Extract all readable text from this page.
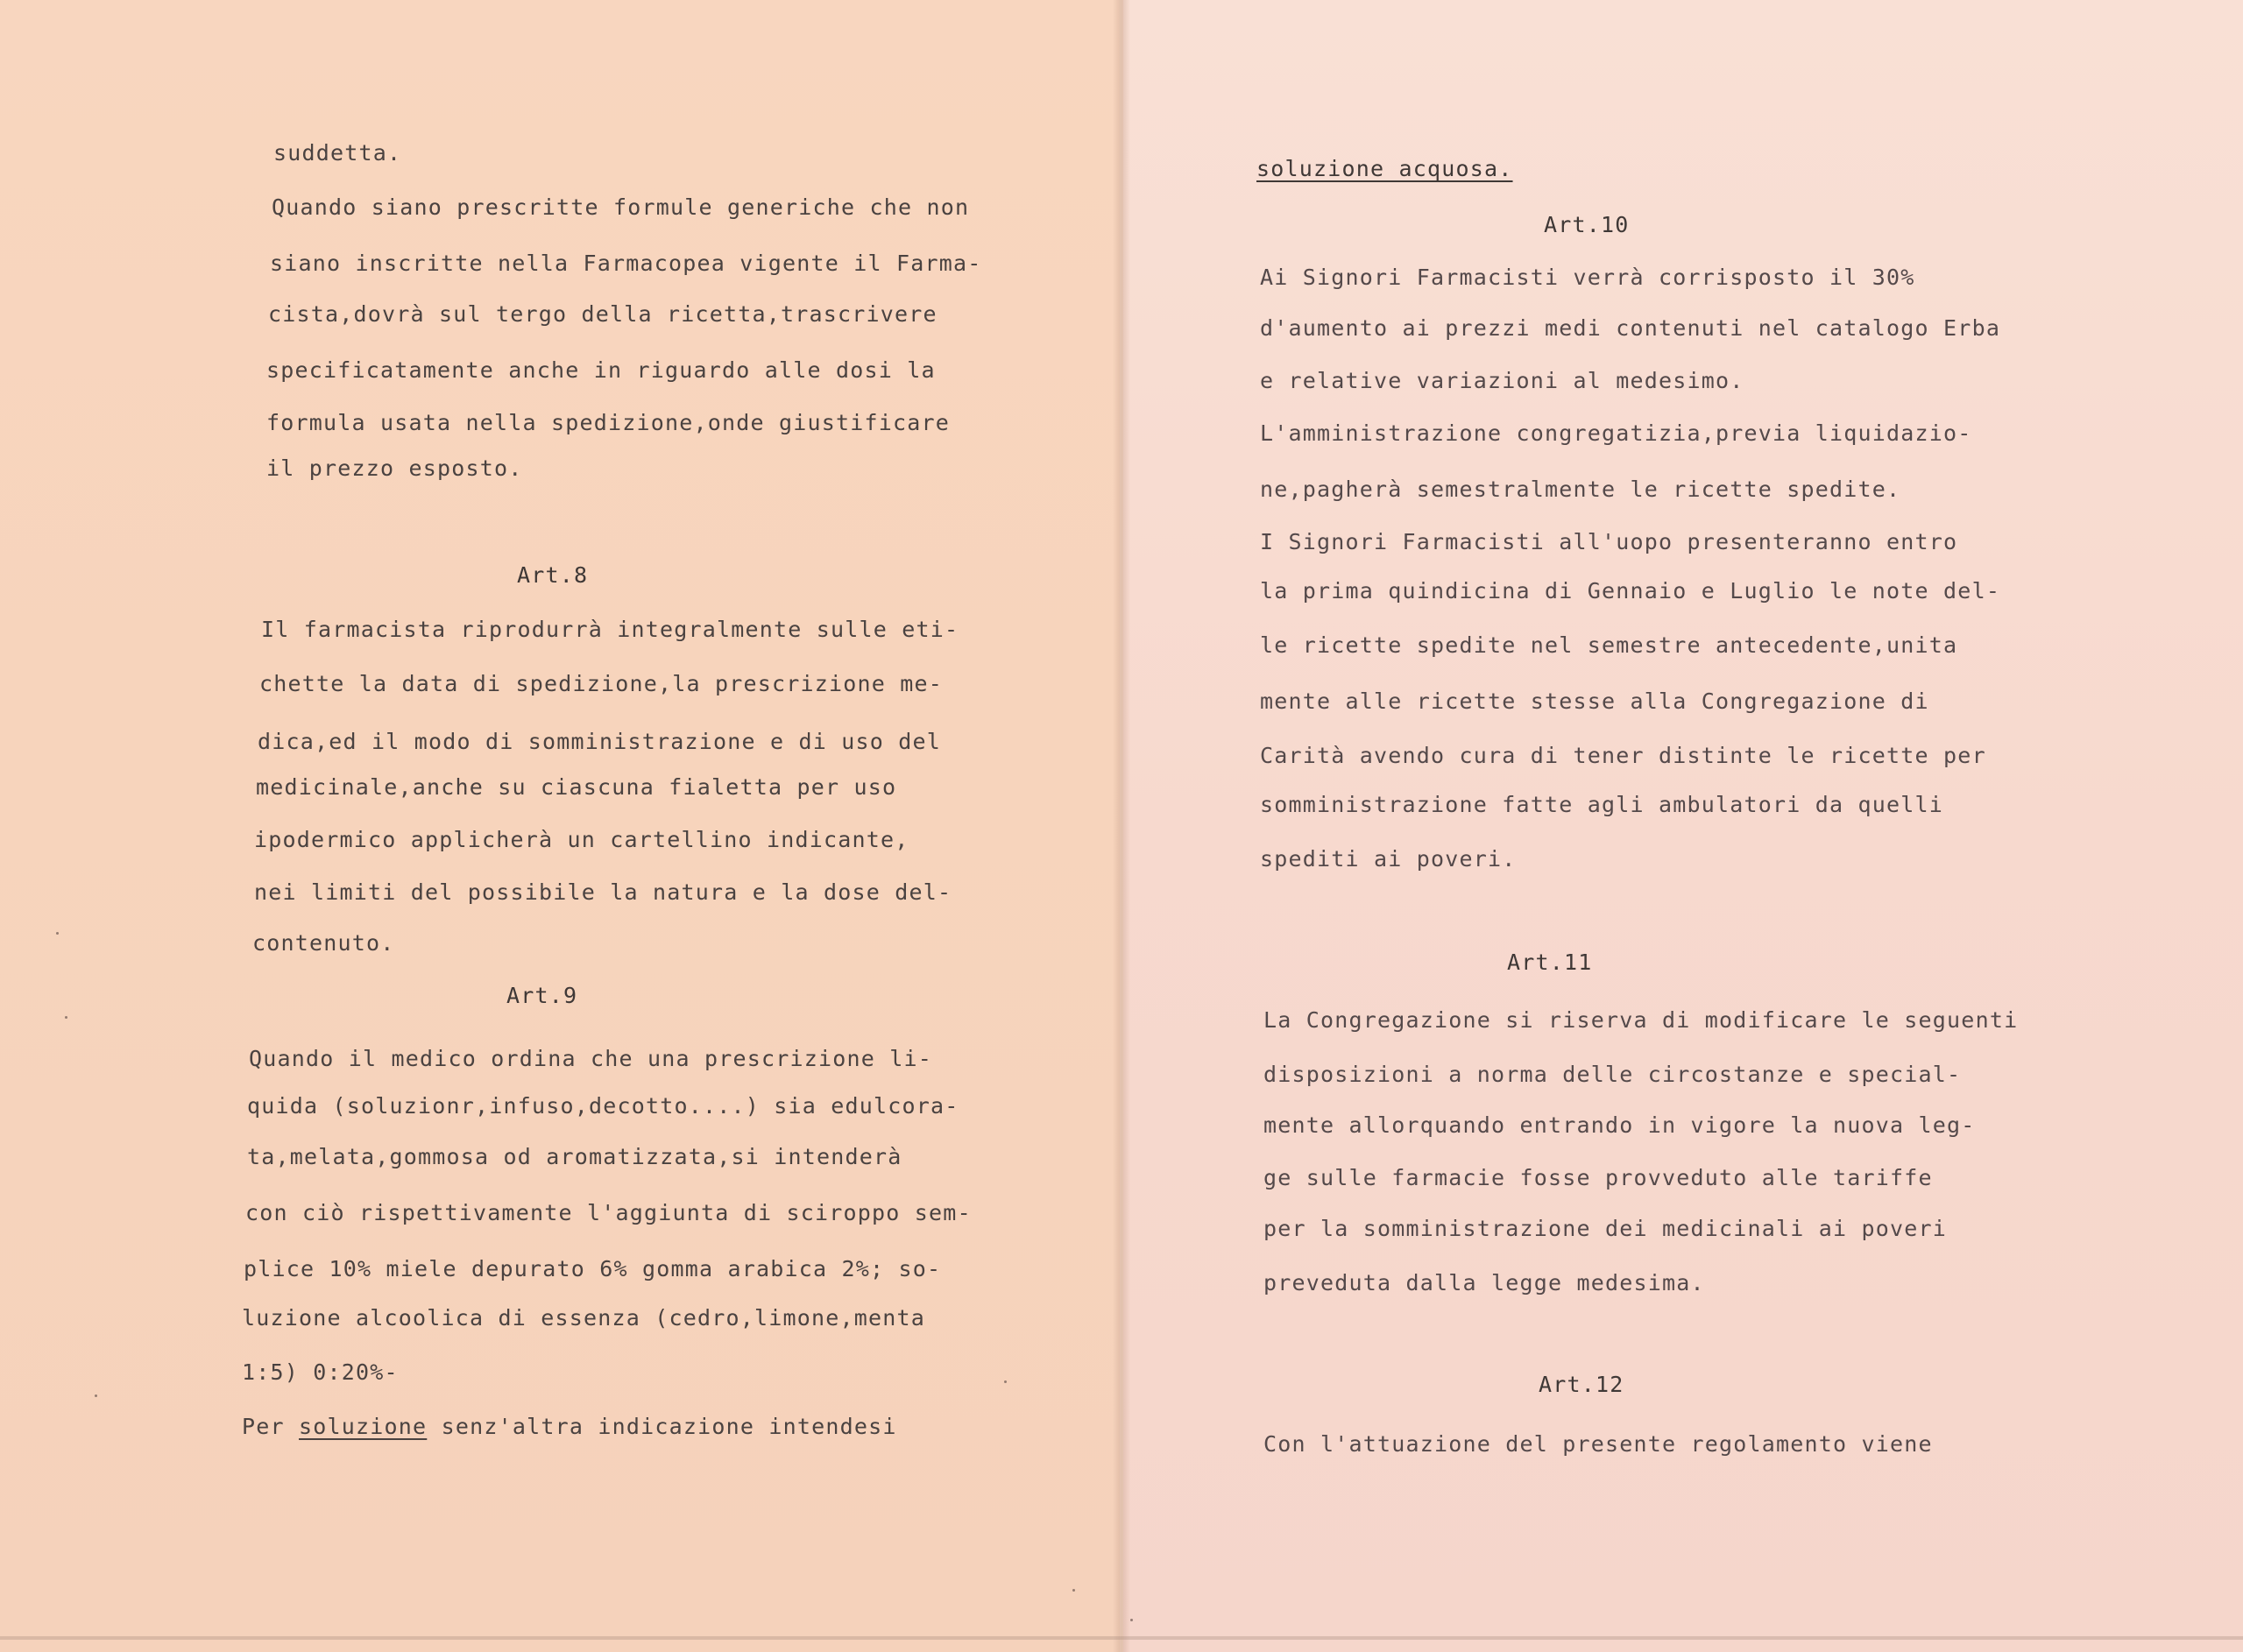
suddetta.
Quando siano prescritte formule generiche che non
siano inscritte nella Farmacopea vigente il Farma-
cista,dovrà sul tergo della ricetta,trascrivere
specificatamente anche in riguardo alle dosi la
formula usata nella spedizione,onde giustificare
il prezzo esposto.
Art.8
Il farmacista riprodurrà integralmente sulle eti-
chette la data di spedizione,la prescrizione me-
dica,ed il modo di somministrazione e di uso del
medicinale,anche su ciascuna fialetta per uso
ipodermico applicherà un cartellino indicante,
nei limiti del possibile la natura e la dose del-
contenuto.
Art.9
Quando il medico ordina che una prescrizione li-
quida (soluzionr,infuso,decotto....) sia edulcora-
ta,melata,gommosa od aromatizzata,si intenderà
con ciò rispettivamente l'aggiunta di sciroppo sem-
plice 10% miele depurato 6% gomma arabica 2%; so-
luzione alcoolica di essenza (cedro,limone,menta
1:5) 0:20%-
Per soluzione senz'altra indicazione intendesi
soluzione acquosa.
Art.10
Ai Signori Farmacisti verrà corrisposto il 30%
d'aumento ai prezzi medi contenuti nel catalogo Erba
e relative variazioni al medesimo.
L'amministrazione congregatizia,previa liquidazio-
ne,pagherà semestralmente le ricette spedite.
I Signori Farmacisti all'uopo presenteranno entro
la prima quindicina di Gennaio e Luglio le note del-
le ricette spedite nel semestre antecedente,unita
mente alle ricette stesse alla Congregazione di
Carità avendo cura di tener distinte le ricette per
somministrazione fatte agli ambulatori da quelli
spediti ai poveri.
Art.11
La Congregazione si riserva di modificare le seguenti
disposizioni a norma delle circostanze e special-
mente allorquando entrando in vigore la nuova leg-
ge sulle farmacie fosse provveduto alle tariffe
per la somministrazione dei medicinali ai poveri
preveduta dalla legge medesima.
Art.12
Con l'attuazione del presente regolamento viene
